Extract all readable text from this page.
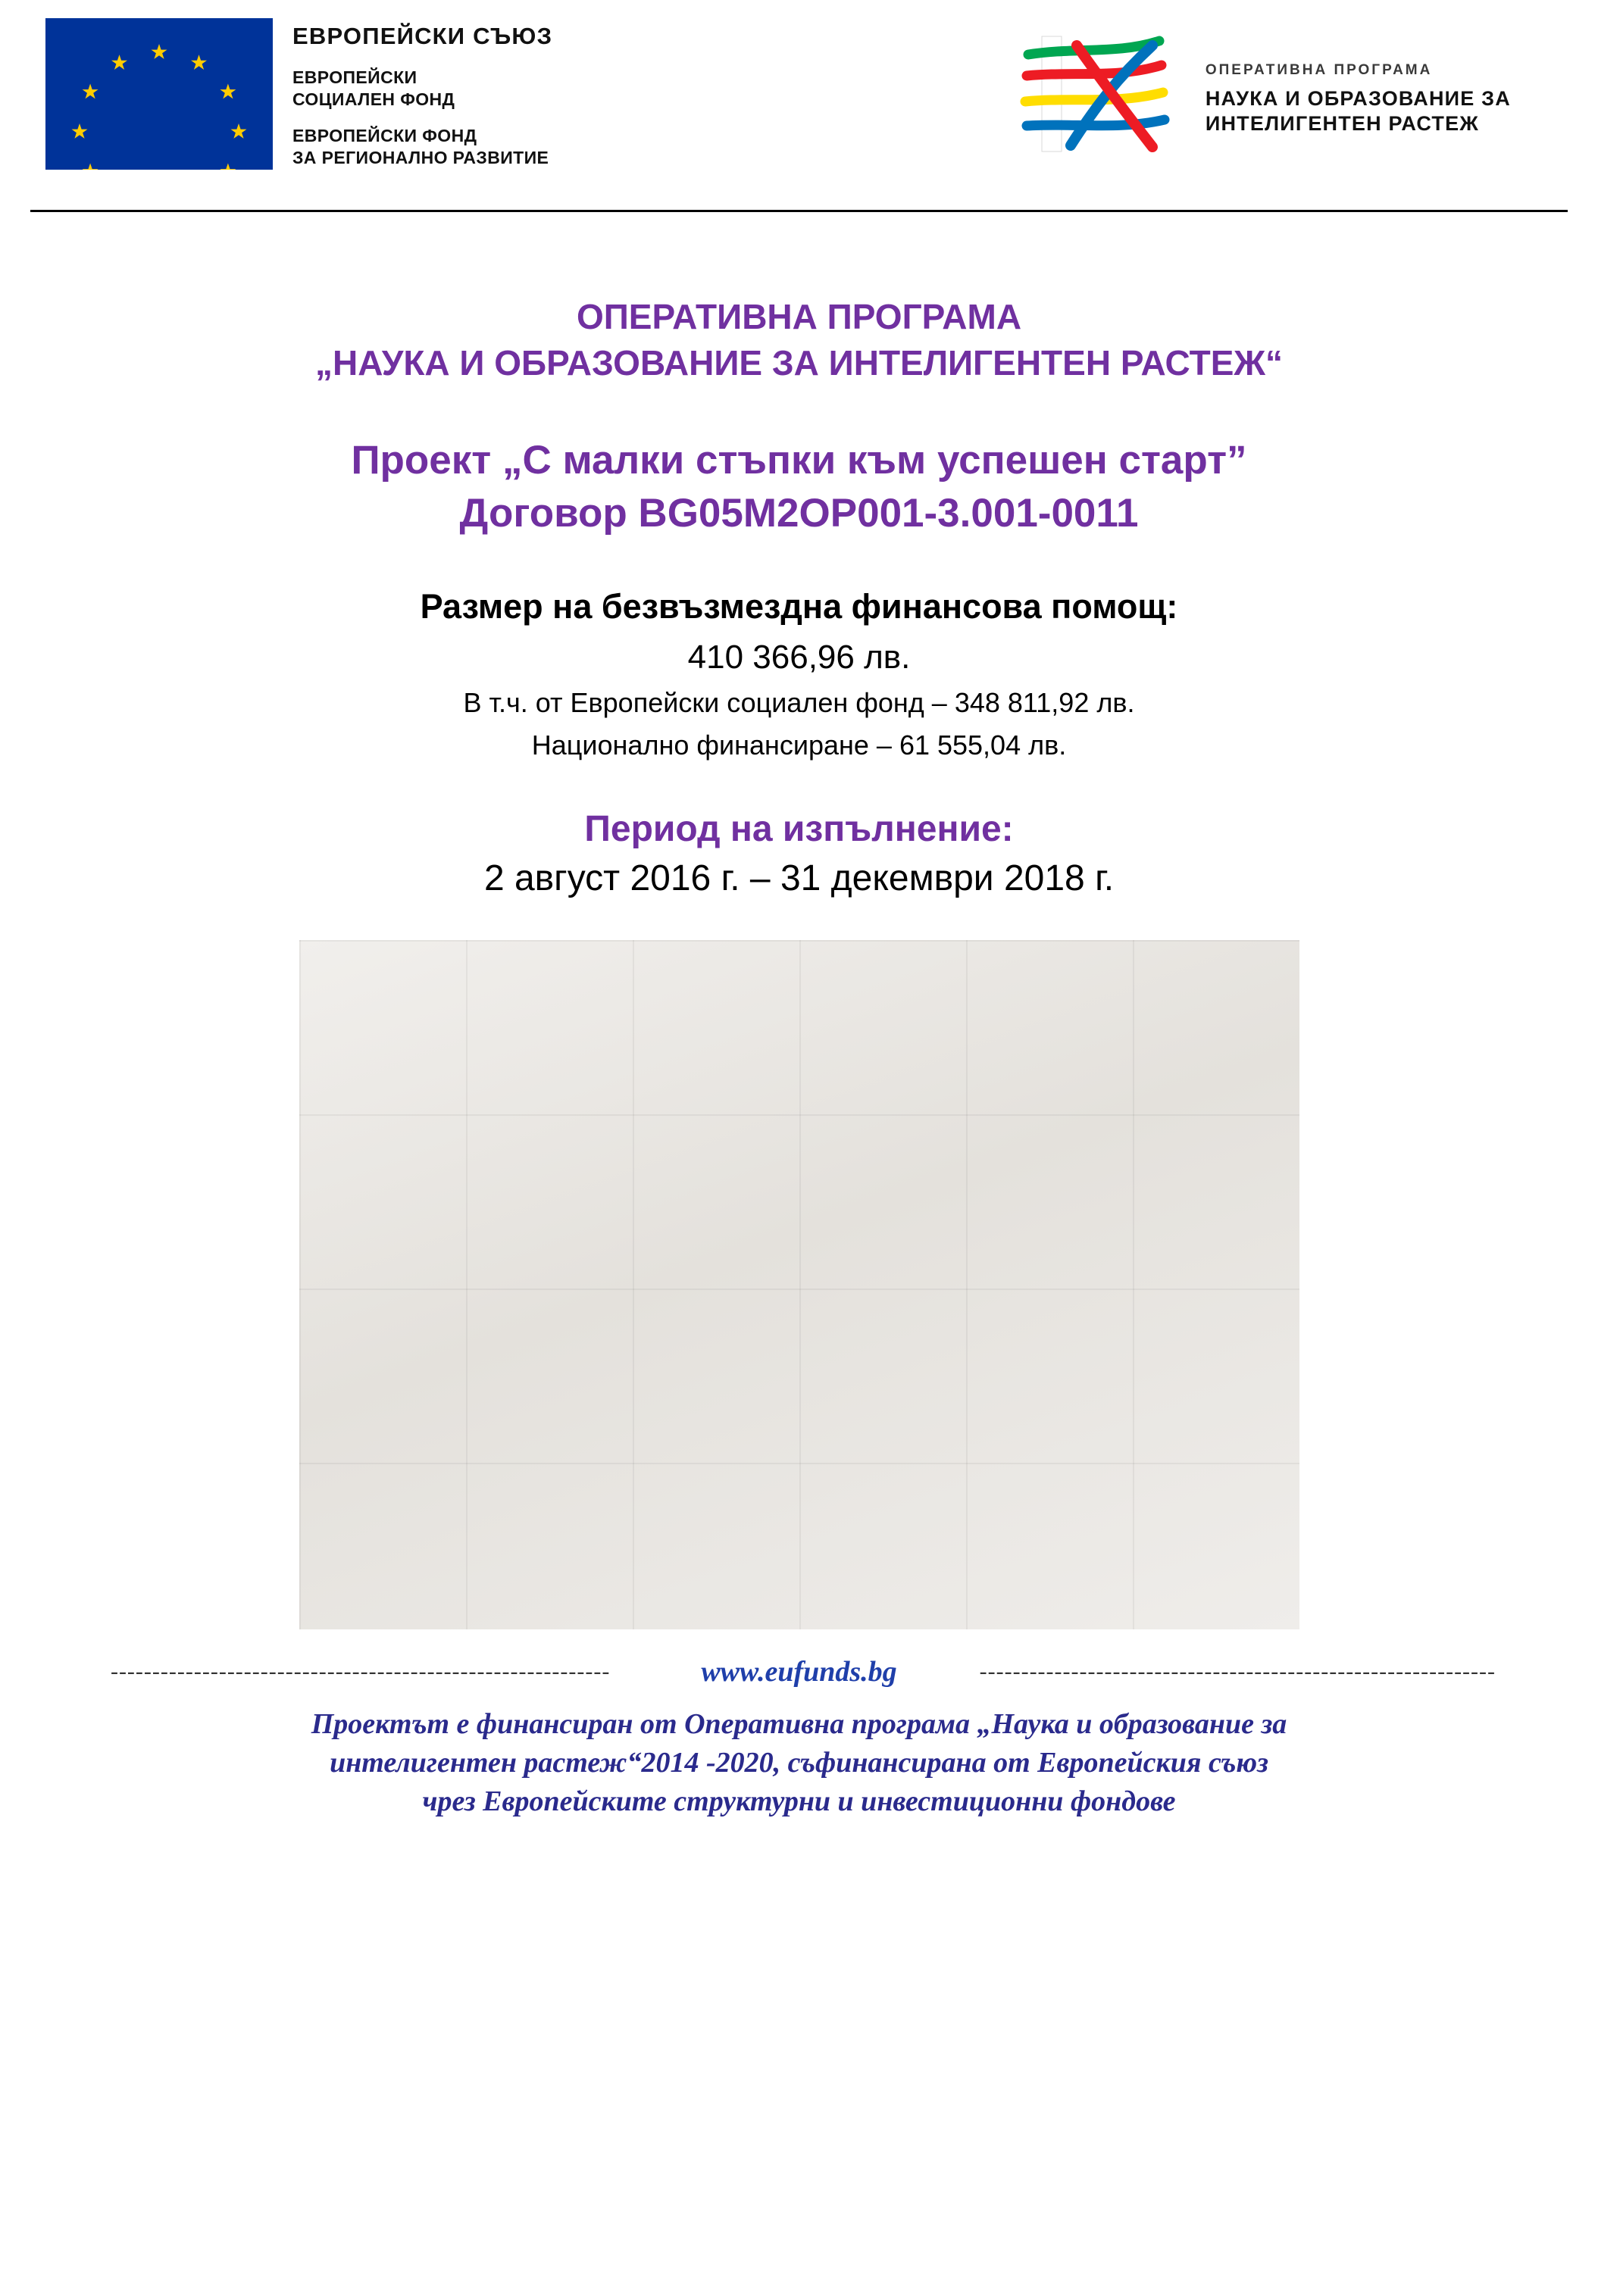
ЕВРОПЕЙСКИ СЪЮЗ
ЕВРОПЕЙСКИ
СОЦИАЛЕН ФОНД
ЕВРОПЕЙСКИ ФОНД
ЗА РЕГИОНАЛНО РАЗВИТИЕ
ОПЕРАТИВНА ПРОГРАМА
НАУКА И ОБРАЗОВАНИЕ ЗА
ИНТЕЛИГЕНТЕН РАСТЕЖ
ОПЕРАТИВНА ПРОГРАМА
„НАУКА И ОБРАЗОВАНИЕ ЗА ИНТЕЛИГЕНТЕН РАСТЕЖ“
Проект „С малки стъпки към успешен старт”
Договор BG05M2OP001-3.001-0011
Размер на безвъзмездна финансова помощ:
410 366,96 лв.
В т.ч. от Европейски социален фонд – 348 811,92 лв.
Национално финансиране – 61 555,04 лв.
Период на изпълнение:
2 август 2016 г. – 31 декември 2018 г.
------------------------------------------------------------	www.eufunds.bg	--------------------------------------------------------------
Проектът е финансиран от Оперативна програма „Наука и образование за
интелигентен растеж“2014 -2020, съфинансирана от Европейския съюз
чрез Европейските структурни и инвестиционни фондове
